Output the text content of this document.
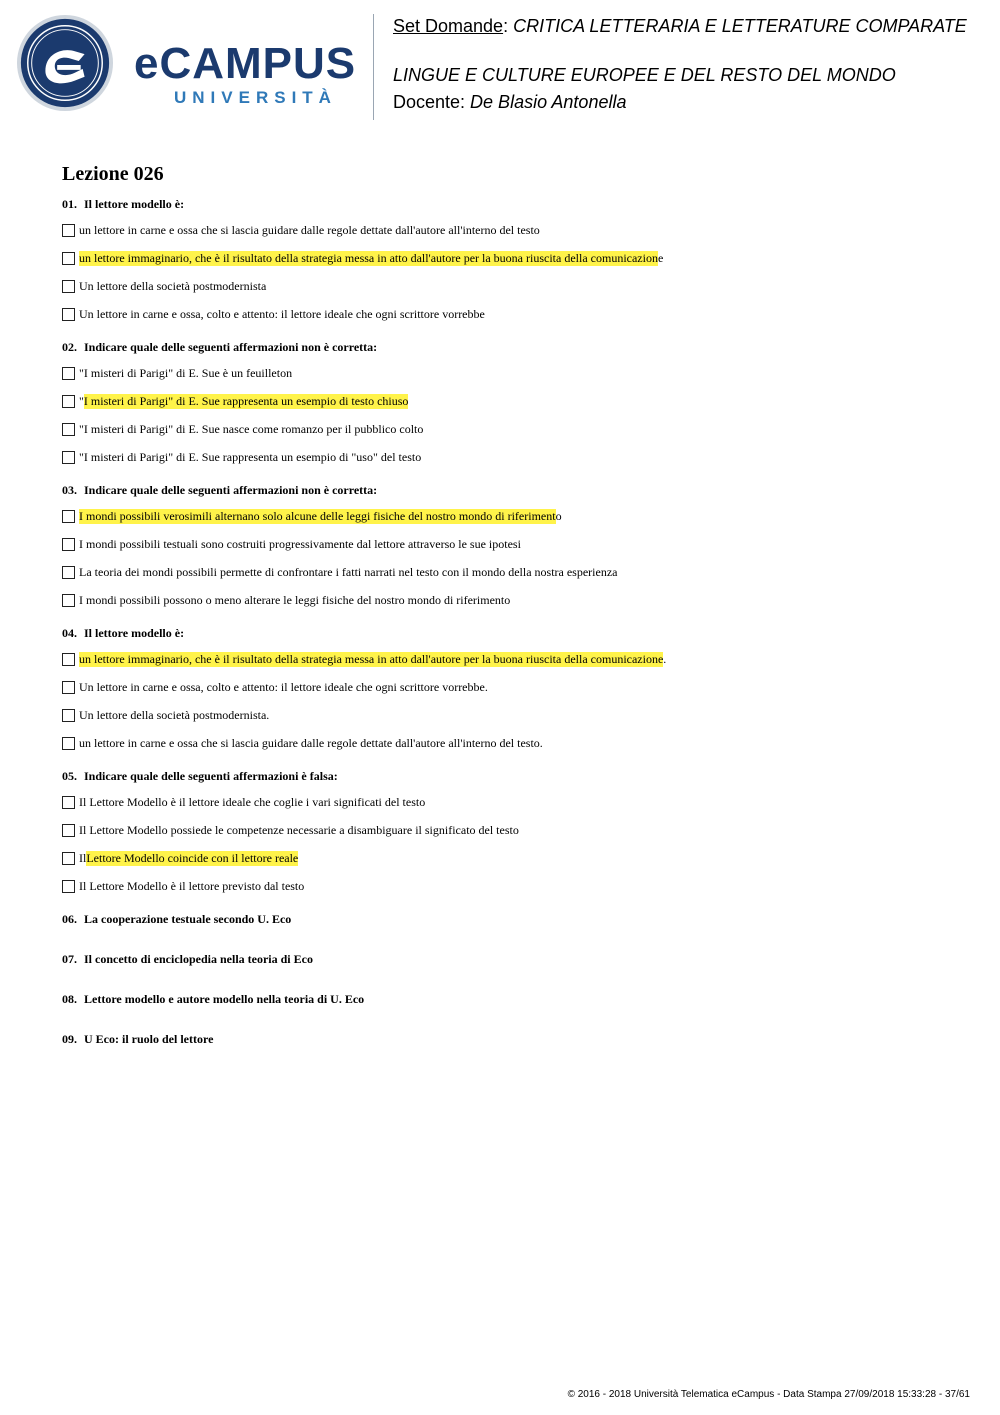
eCAMPUS
UNIVERSITÀ
Set Domande: CRITICA LETTERARIA E LETTERATURE COMPARATE
LINGUE E CULTURE EUROPEE E DEL RESTO DEL MONDO
Docente: De Blasio Antonella
Lezione 026
01. Il lettore modello è:
un lettore in carne e ossa che si lascia guidare dalle regole dettate dall'autore all'interno del testo
un lettore immaginario, che è il risultato della strategia messa in atto dall'autore per la buona riuscita della comunicazion e
Un lettore della società postmodernista
Un lettore in carne e ossa, colto e attento: il lettore ideale che ogni scrittore vorrebbe
02. Indicare quale delle seguenti affermazioni non è corretta:
"I misteri di Parigi" di E. Sue è un feuilleton
" I misteri di Parigi" di E. Sue rappresenta un esempio di testo chiuso
"I misteri di Parigi" di E. Sue nasce come romanzo per il pubblico colto
"I misteri di Parigi" di E. Sue rappresenta un esempio di "uso" del testo
03. Indicare quale delle seguenti affermazioni non è corretta:
I mondi possibili verosimili alternano solo alcune delle leggi fisiche del nostro mondo di riferiment o
I mondi possibili testuali sono costruiti progressivamente dal lettore attraverso le sue ipotesi
La teoria dei mondi possibili permette di confrontare i fatti narrati nel testo con il mondo della nostra esperienza
I mondi possibili possono o meno alterare le leggi fisiche del nostro mondo di riferimento
04. Il lettore modello è:
un lettore immaginario, che è il risultato della strategia messa in atto dall'autore per la buona riuscita della comunicazione .
Un lettore in carne e ossa, colto e attento: il lettore ideale che ogni scrittore vorrebbe.
Un lettore della società postmodernista.
un lettore in carne e ossa che si lascia guidare dalle regole dettate dall'autore all'interno del testo.
05. Indicare quale delle seguenti affermazioni è falsa:
Il Lettore Modello è il lettore ideale che coglie i vari significati del testo
Il Lettore Modello possiede le competenze necessarie a disambiguare il significato del testo
Il Lettore Modello coincide con il lettore reale
Il Lettore Modello è il lettore previsto dal testo
06. La cooperazione testuale secondo U. Eco
07. Il concetto di enciclopedia nella teoria di Eco
08. Lettore modello e autore modello nella teoria di U. Eco
09. U Eco: il ruolo del lettore
© 2016 - 2018 Università Telematica eCampus - Data Stampa 27/09/2018 15:33:28 - 37/61
